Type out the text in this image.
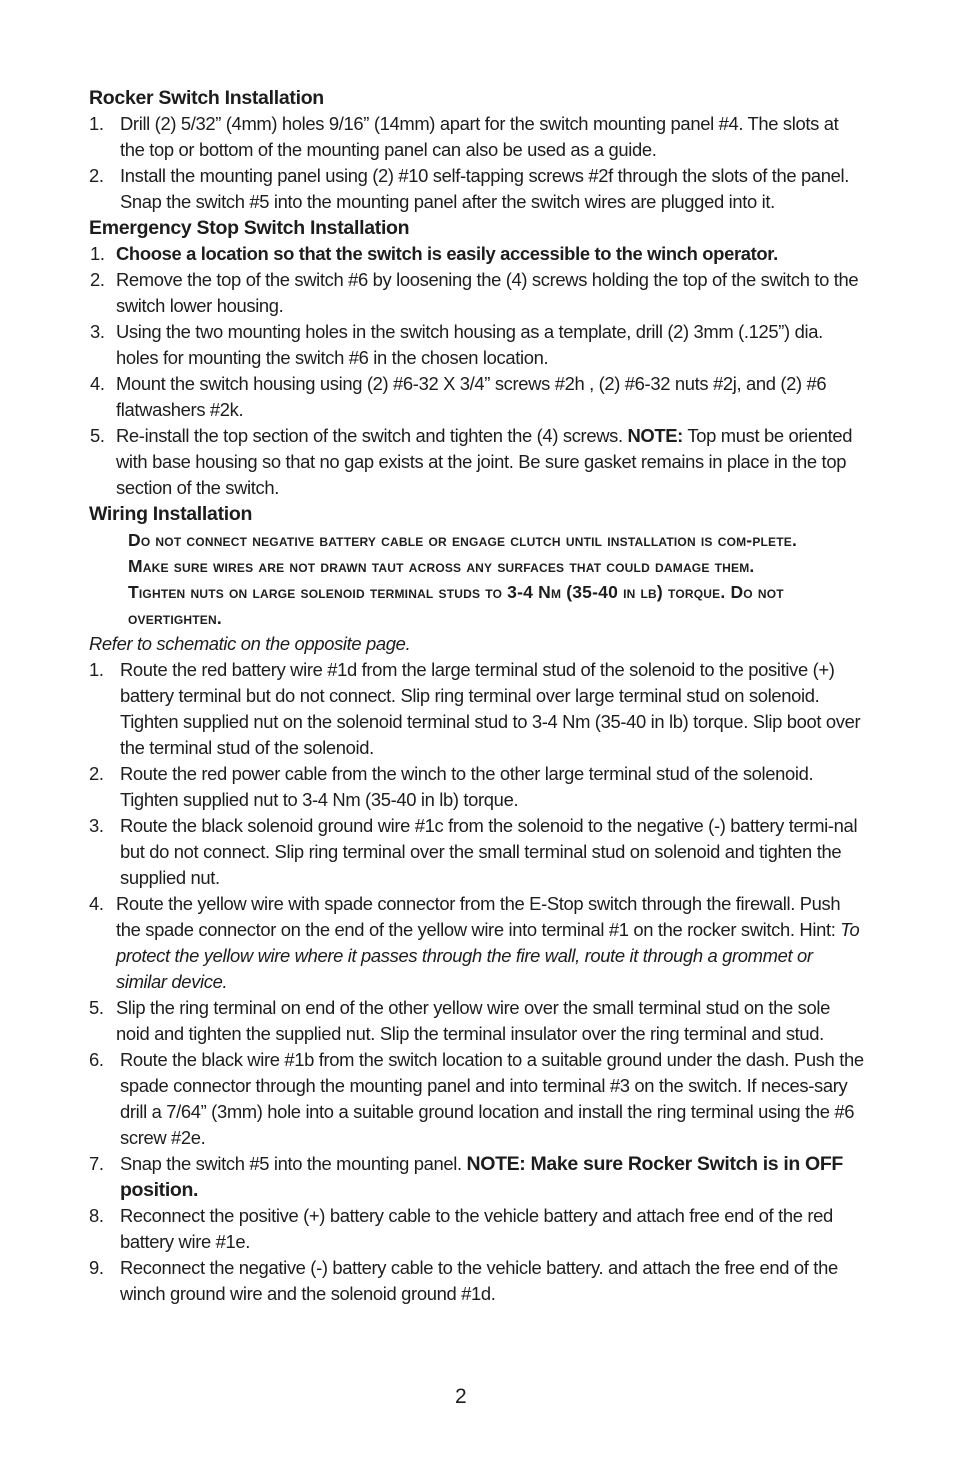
Rocker Switch Installation
1. Drill (2) 5/32” (4mm) holes 9/16” (14mm) apart for the switch mounting panel #4. The slots at the top or bottom of the mounting panel can also be used as a guide.
2. Install the mounting panel using (2) #10 self-tapping screws #2f through the slots of the panel.
Snap the switch #5 into the mounting panel after the switch wires are plugged into it.
Emergency Stop Switch Installation
1. Choose a location so that the switch is easily accessible to the winch operator.
2. Remove the top of the switch #6 by loosening the (4) screws holding the top of the switch to the switch lower housing.
3. Using the two mounting holes in the switch housing as a template, drill (2) 3mm (.125”) dia. holes for mounting the switch #6 in the chosen location.
4. Mount the switch housing using (2) #6-32 X 3/4” screws #2h , (2) #6-32 nuts #2j, and (2) #6 flatwashers #2k.
5. Re-install the top section of the switch and tighten the (4) screws. NOTE: Top must be oriented with base housing so that no gap exists at the joint. Be sure gasket remains in place in the top section of the switch.
Wiring Installation
Do not connect negative battery cable or engage clutch until installation is com-plete.
Make sure wires are not drawn taut across any surfaces that could damage them.
Tighten nuts on large solenoid terminal studs to 3-4 Nm (35-40 in lb) torque. Do not overtighten.
Refer to schematic on the opposite page.
1. Route the red battery wire #1d from the large terminal stud of the solenoid to the positive (+) battery terminal but do not connect. Slip ring terminal over large terminal stud on solenoid. Tighten supplied nut on the solenoid terminal stud to 3-4 Nm (35-40 in lb) torque. Slip boot over the terminal stud of the solenoid.
2. Route the red power cable from the winch to the other large terminal stud of the solenoid. Tighten supplied nut to 3-4 Nm (35-40 in lb) torque.
3. Route the black solenoid ground wire #1c from the solenoid to the negative (-) battery termi-nal but do not connect. Slip ring terminal over the small terminal stud on solenoid and tighten the supplied nut.
4. Route the yellow wire with spade connector from the E-Stop switch through the firewall. Push the spade connector on the end of the yellow wire into terminal #1 on the rocker switch. Hint: To protect the yellow wire where it passes through the fire wall, route it through a grommet or similar device.
5. Slip the ring terminal on end of the other yellow wire over the small terminal stud on the sole noid and tighten the supplied nut. Slip the terminal insulator over the ring terminal and stud.
6. Route the black wire #1b from the switch location to a suitable ground under the dash. Push the spade connector through the mounting panel and into terminal #3 on the switch. If neces-sary drill a 7/64” (3mm) hole into a suitable ground location and install the ring terminal using the #6 screw #2e.
7. Snap the switch #5 into the mounting panel. NOTE: Make sure Rocker Switch is in OFF position.
8. Reconnect the positive (+) battery cable to the vehicle battery and attach free end of the red battery wire #1e.
9. Reconnect the negative (-) battery cable to the vehicle battery. and attach the free end of the winch ground wire and the solenoid ground #1d.
2
